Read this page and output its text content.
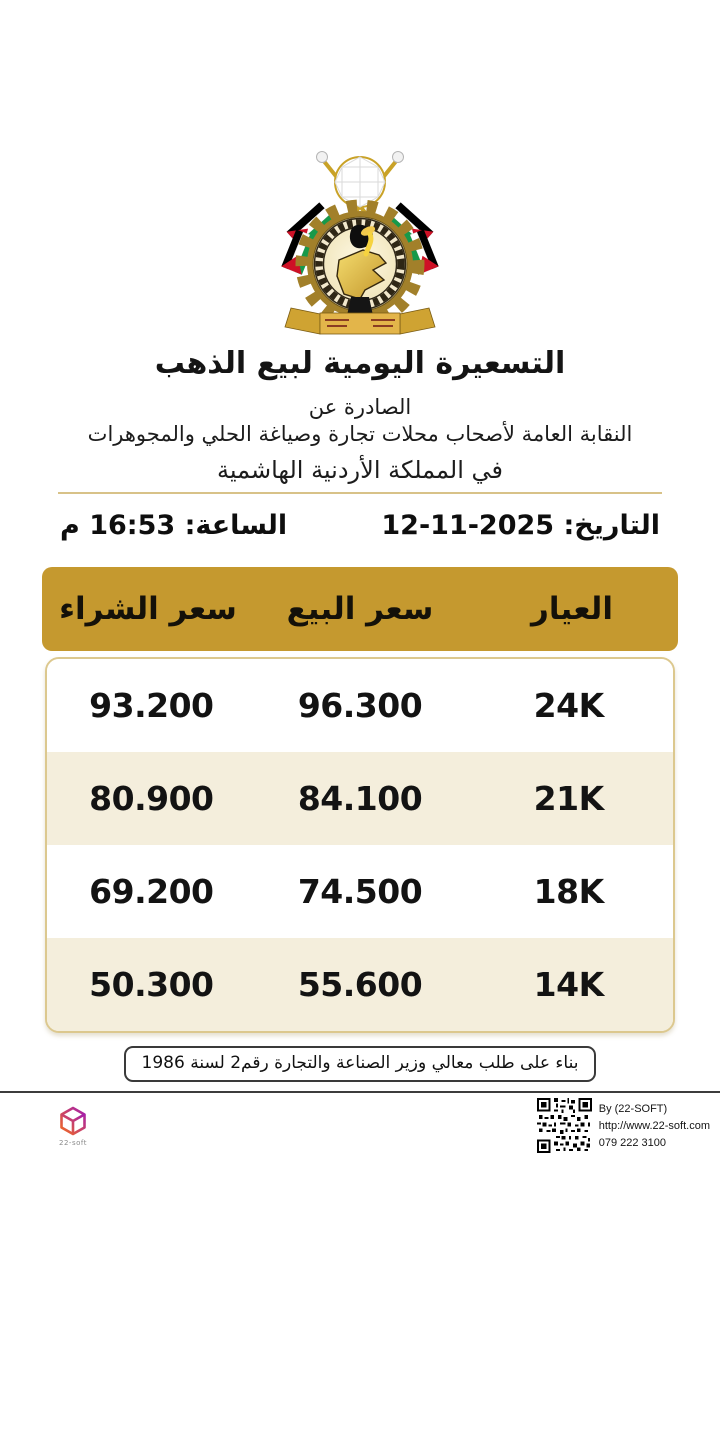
التسعيرة اليومية لبيع الذهب
الصادرة عن
النقابة العامة لأصحاب محلات تجارة وصياغة الحلي والمجوهرات
في المملكة الأردنية الهاشمية
التاريخ: 12-11-2025
الساعة: 16:53 م
العيار
سعر البيع
سعر الشراء
24K
96.300
93.200
21K
84.100
80.900
18K
74.500
69.200
14K
55.600
50.300
بناء على طلب معالي وزير الصناعة والتجارة رقم2 لسنة 1986
22-soft
By (22-SOFT)
http://www.22-soft.com
079 222 3100
